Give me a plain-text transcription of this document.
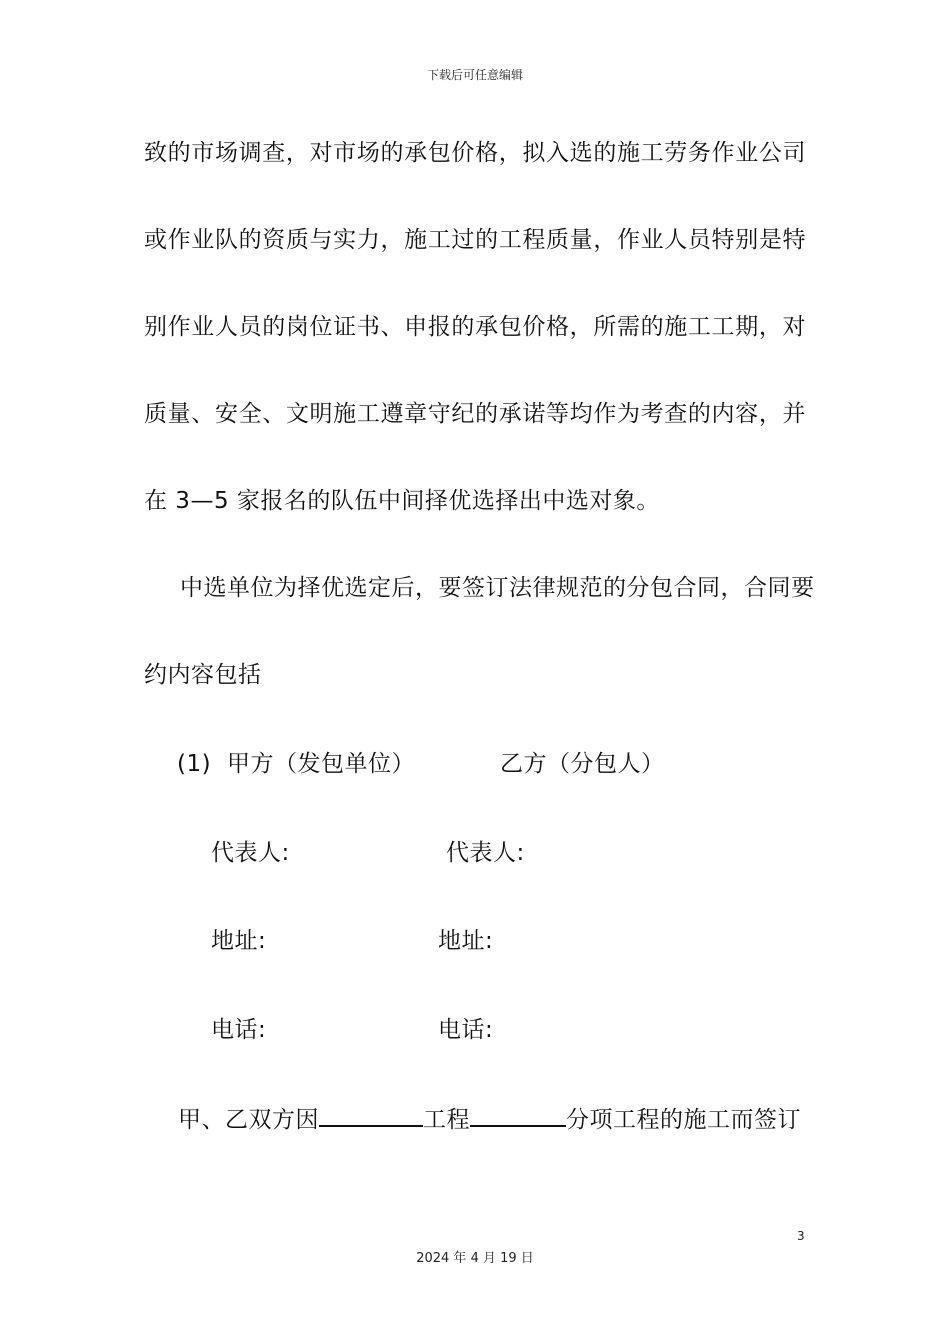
下载后可任意编辑
致的市场调查，对市场的承包价格，拟入选的施工劳务作业公司
或作业队的资质与实力，施工过的工程质量，作业人员特别是特
别作业人员的岗位证书、申报的承包价格，所需的施工工期，对
质量、安全、文明施工遵章守纪的承诺等均作为考查的内容，并
在 3—5 家报名的队伍中间择优选择出中选对象。
中选单位为择优选定后，要签订法律规范的分包合同，合同要
约内容包括
(1) 甲方（发包单位）	乙方（分包人）
代表人:	代表人:
地址:	地址:
电话:	电话:
甲、乙双方因	工程	分项工程的施工而签订
3
2024 年 4 月 19 日
